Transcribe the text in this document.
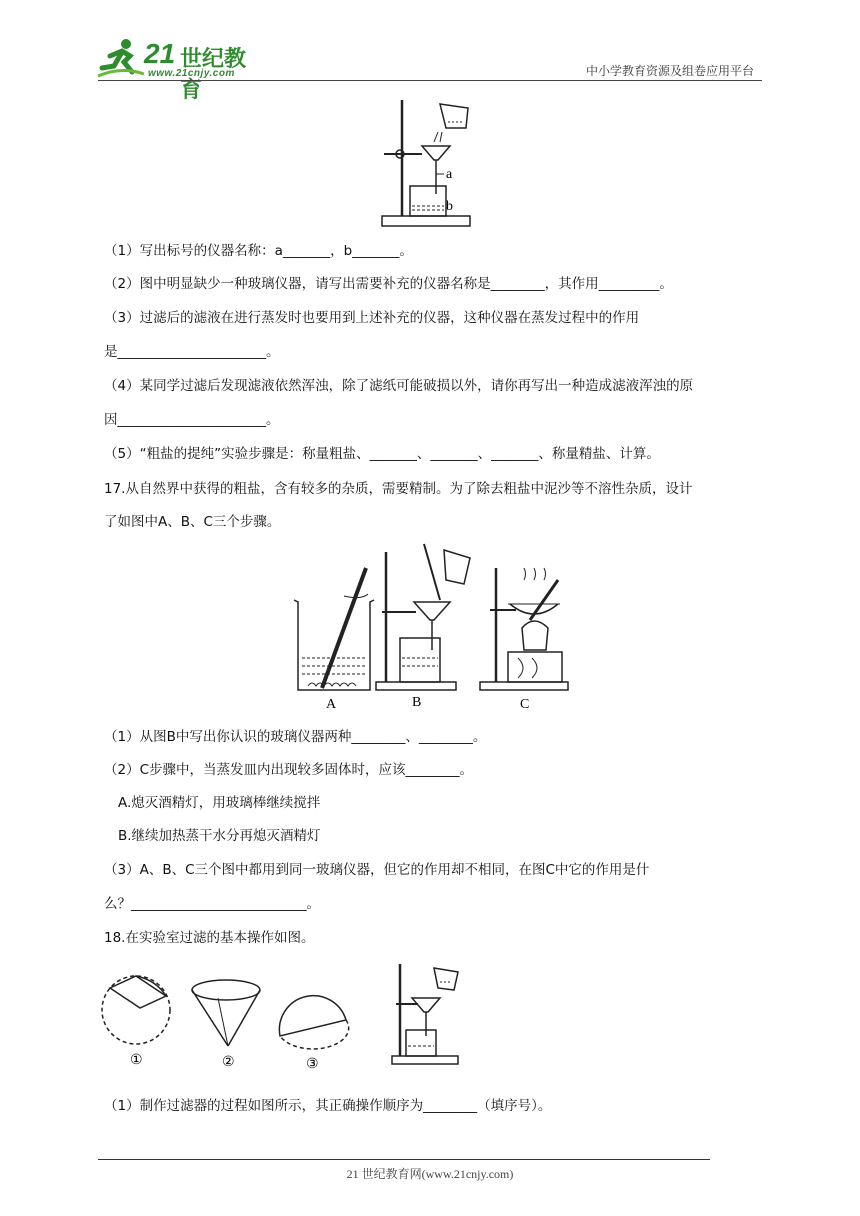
21 世纪教育
www.21cnjy.com	中小学教育资源及组卷应用平台
a
b
（1）写出标号的仪器名称：a_______，b_______。
（2）图中明显缺少一种玻璃仪器，请写出需要补充的仪器名称是________，其作用_________。
（3）过滤后的滤液在进行蒸发时也要用到上述补充的仪器，这种仪器在蒸发过程中的作用
是______________________。
（4）某同学过滤后发现滤液依然浑浊，除了滤纸可能破损以外，请你再写出一种造成滤液浑浊的原
因______________________。
（5）“粗盐的提纯”实验步骤是：称量粗盐、_______、_______、_______、称量精盐、计算。
17.从自然界中获得的粗盐，含有较多的杂质，需要精制。为了除去粗盐中泥沙等不溶性杂质，设计
了如图中A、B、C三个步骤。
A	B	C
（1）从图B中写出你认识的玻璃仪器两种________、________。
（2）C步骤中，当蒸发皿内出现较多固体时，应该________。
A.熄灭酒精灯，用玻璃棒继续搅拌
B.继续加热蒸干水分再熄灭酒精灯
（3）A、B、C三个图中都用到同一玻璃仪器，但它的作用却不相同，在图C中它的作用是什
么？__________________________。
18.在实验室过滤的基本操作如图。
①	②	③
（1）制作过滤器的过程如图所示，其正确操作顺序为________（填序号）。
21 世纪教育网(www.21cnjy.com)
